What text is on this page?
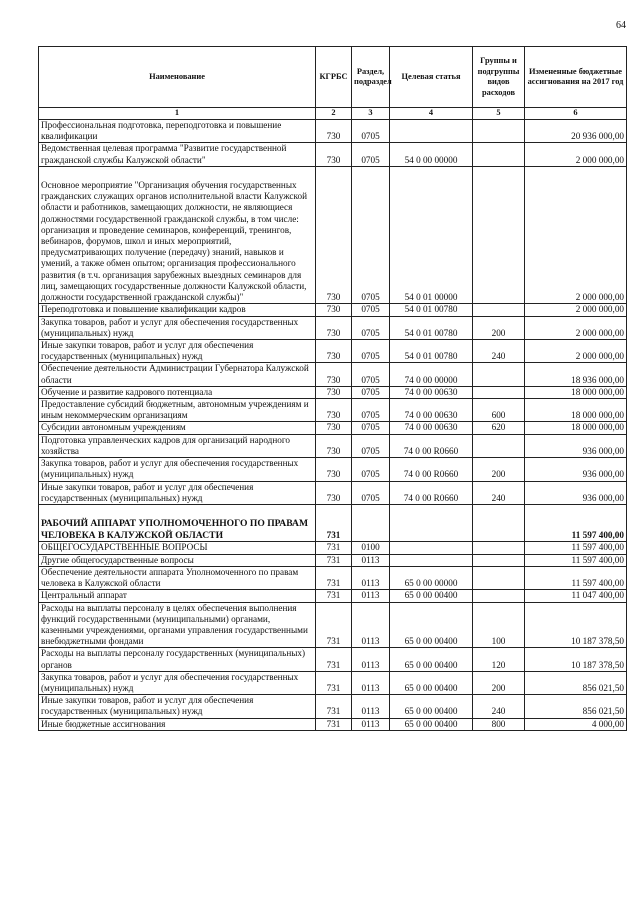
64
Наименование	КГРБС	Раздел, подраздел	Целевая статья	Группы и подгруппы видов расходов	Измененные бюджетные ассигнования на 2017 год
1	2	3	4	5	6
Профессиональная подготовка, переподготовка и повышение квалификации	730	0705			20 936 000,00
Ведомственная целевая программа "Развитие государственной гражданской службы Калужской области"	730	0705	54 0 00 00000		2 000 000,00
Основное мероприятие "Организация обучения государственных гражданских служащих органов исполнительной власти Калужской области и работников, замещающих должности, не являющиеся должностями государственной гражданской службы, в том числе: организация и проведение семинаров, конференций, тренингов, вебинаров, форумов, школ и иных мероприятий, предусматривающих получение (передачу) знаний, навыков и умений, а также обмен опытом; организация профессионального развития (в т.ч. организация зарубежных выездных семинаров для лиц, замещающих государственные должности Калужской области, должности государственной гражданской службы)"	730	0705	54 0 01 00000		2 000 000,00
Переподготовка и повышение квалификации кадров	730	0705	54 0 01 00780		2 000 000,00
Закупка товаров, работ и услуг для обеспечения государственных (муниципальных) нужд	730	0705	54 0 01 00780	200	2 000 000,00
Иные закупки товаров, работ и услуг для обеспечения государственных (муниципальных) нужд	730	0705	54 0 01 00780	240	2 000 000,00
Обеспечение деятельности Администрации Губернатора Калужской области	730	0705	74 0 00 00000		18 936 000,00
Обучение и развитие кадрового потенциала	730	0705	74 0 00 00630		18 000 000,00
Предоставление субсидий бюджетным, автономным учреждениям и иным некоммерческим организациям	730	0705	74 0 00 00630	600	18 000 000,00
Субсидии автономным учреждениям	730	0705	74 0 00 00630	620	18 000 000,00
Подготовка управленческих кадров для организаций народного хозяйства	730	0705	74 0 00 R0660		936 000,00
Закупка товаров, работ и услуг для обеспечения государственных (муниципальных) нужд	730	0705	74 0 00 R0660	200	936 000,00
Иные закупки товаров, работ и услуг для обеспечения государственных (муниципальных) нужд	730	0705	74 0 00 R0660	240	936 000,00
РАБОЧИЙ АППАРАТ УПОЛНОМОЧЕННОГО ПО ПРАВАМ ЧЕЛОВЕКА В КАЛУЖСКОЙ ОБЛАСТИ	731				11 597 400,00
ОБЩЕГОСУДАРСТВЕННЫЕ ВОПРОСЫ	731	0100			11 597 400,00
Другие общегосударственные вопросы	731	0113			11 597 400,00
Обеспечение деятельности аппарата Уполномоченного по правам человека в Калужской области	731	0113	65 0 00 00000		11 597 400,00
Центральный аппарат	731	0113	65 0 00 00400		11 047 400,00
Расходы на выплаты персоналу в целях обеспечения выполнения функций государственными (муниципальными) органами, казенными учреждениями, органами управления государственными внебюджетными фондами	731	0113	65 0 00 00400	100	10 187 378,50
Расходы на выплаты персоналу государственных (муниципальных) органов	731	0113	65 0 00 00400	120	10 187 378,50
Закупка товаров, работ и услуг для обеспечения государственных (муниципальных) нужд	731	0113	65 0 00 00400	200	856 021,50
Иные закупки товаров, работ и услуг для обеспечения государственных (муниципальных) нужд	731	0113	65 0 00 00400	240	856 021,50
Иные бюджетные ассигнования	731	0113	65 0 00 00400	800	4 000,00
